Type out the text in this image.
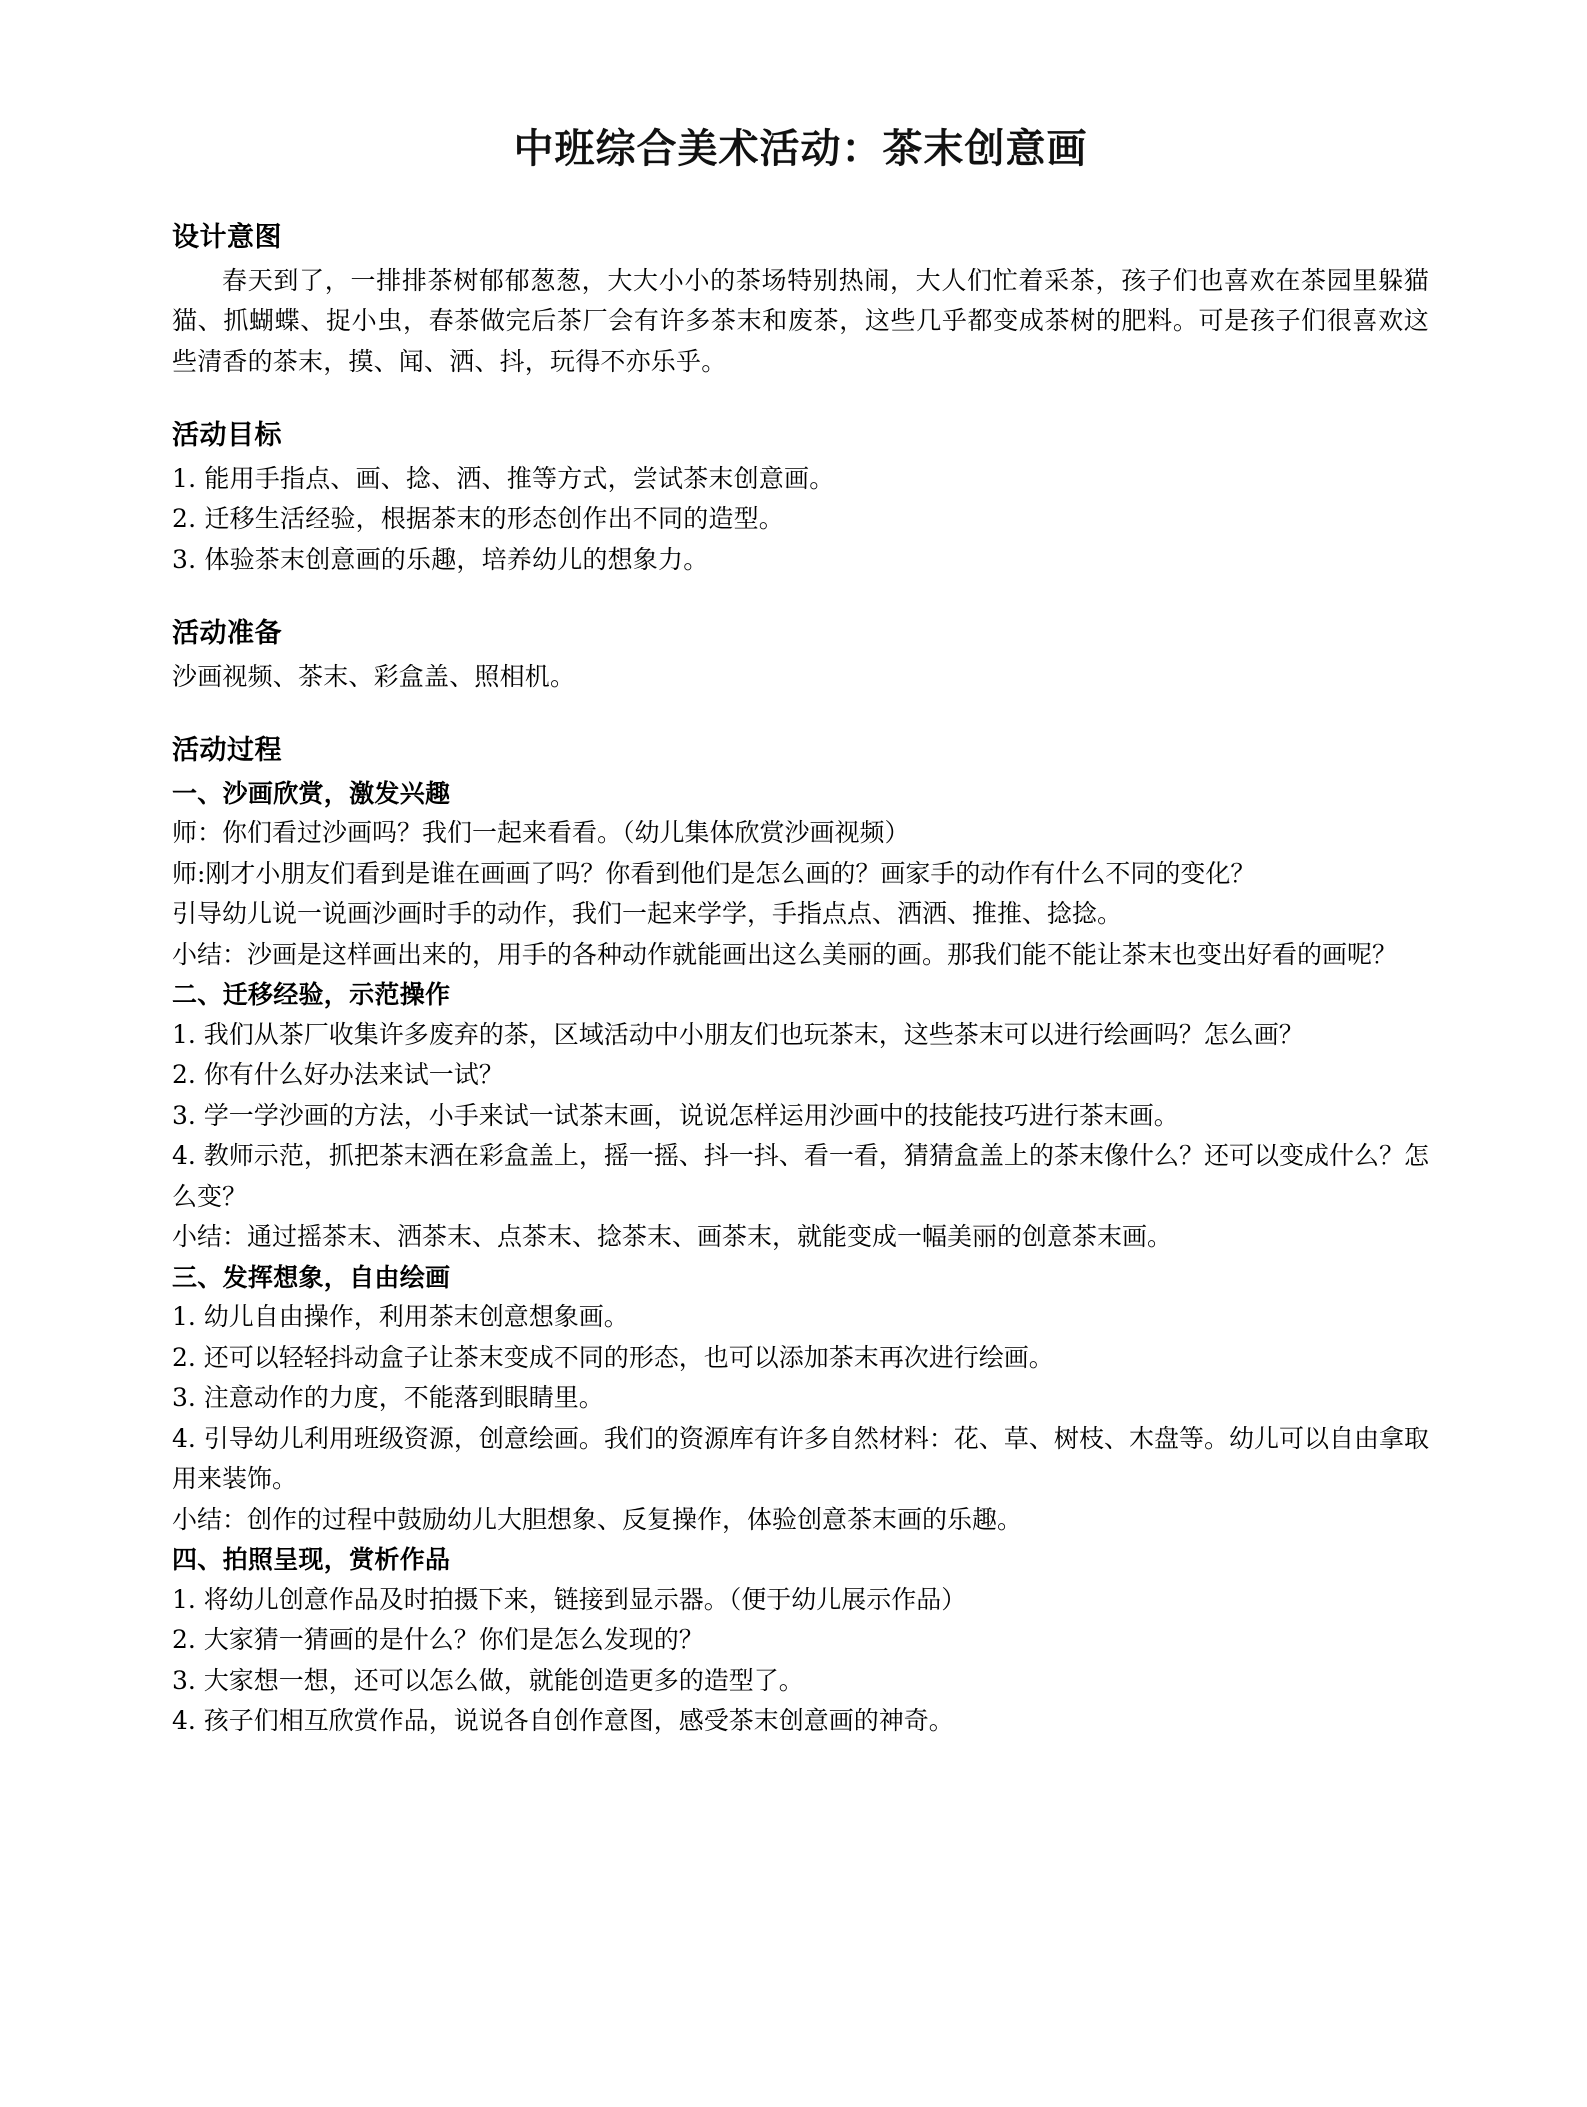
中班综合美术活动：茶末创意画
设计意图

春天到了，一排排茶树郁郁葱葱，大大小小的茶场特别热闹，大人们忙着采茶，孩子们也喜欢在茶园里躲猫猫、抓蝴蝶、捉小虫，春茶做完后茶厂会有许多茶末和废茶，这些几乎都变成茶树的肥料。可是孩子们很喜欢这些清香的茶末，摸、闻、洒、抖，玩得不亦乐乎。

活动目标

1. 能用手指点、画、捻、洒、推等方式，尝试茶末创意画。

2. 迁移生活经验，根据茶末的形态创作出不同的造型。

3. 体验茶末创意画的乐趣，培养幼儿的想象力。

活动准备

沙画视频、茶末、彩盒盖、照相机。

活动过程
一、沙画欣赏，激发兴趣

师：你们看过沙画吗？我们一起来看看。（幼儿集体欣赏沙画视频）

师:刚才小朋友们看到是谁在画画了吗？你看到他们是怎么画的？画家手的动作有什么不同的变化？

引导幼儿说一说画沙画时手的动作，我们一起来学学，手指点点、洒洒、推推、捻捻。

小结：沙画是这样画出来的，用手的各种动作就能画出这么美丽的画。那我们能不能让茶末也变出好看的画呢？

二、迁移经验，示范操作

1. 我们从茶厂收集许多废弃的茶，区域活动中小朋友们也玩茶末，这些茶末可以进行绘画吗？怎么画？

2. 你有什么好办法来试一试？

3. 学一学沙画的方法，小手来试一试茶末画，说说怎样运用沙画中的技能技巧进行茶末画。

4. 教师示范，抓把茶末洒在彩盒盖上，摇一摇、抖一抖、看一看，猜猜盒盖上的茶末像什么？还可以变成什么？怎么变？

小结：通过摇茶末、洒茶末、点茶末、捻茶末、画茶末，就能变成一幅美丽的创意茶末画。

三、发挥想象，自由绘画

1. 幼儿自由操作，利用茶末创意想象画。

2. 还可以轻轻抖动盒子让茶末变成不同的形态，也可以添加茶末再次进行绘画。

3. 注意动作的力度，不能落到眼睛里。

4. 引导幼儿利用班级资源，创意绘画。我们的资源库有许多自然材料：花、草、树枝、木盘等。幼儿可以自由拿取用来装饰。

小结：创作的过程中鼓励幼儿大胆想象、反复操作，体验创意茶末画的乐趣。

四、拍照呈现，赏析作品

1. 将幼儿创意作品及时拍摄下来，链接到显示器。（便于幼儿展示作品）

2. 大家猜一猜画的是什么？你们是怎么发现的？

3. 大家想一想，还可以怎么做，就能创造更多的造型了。

4. 孩子们相互欣赏作品，说说各自创作意图，感受茶末创意画的神奇。
